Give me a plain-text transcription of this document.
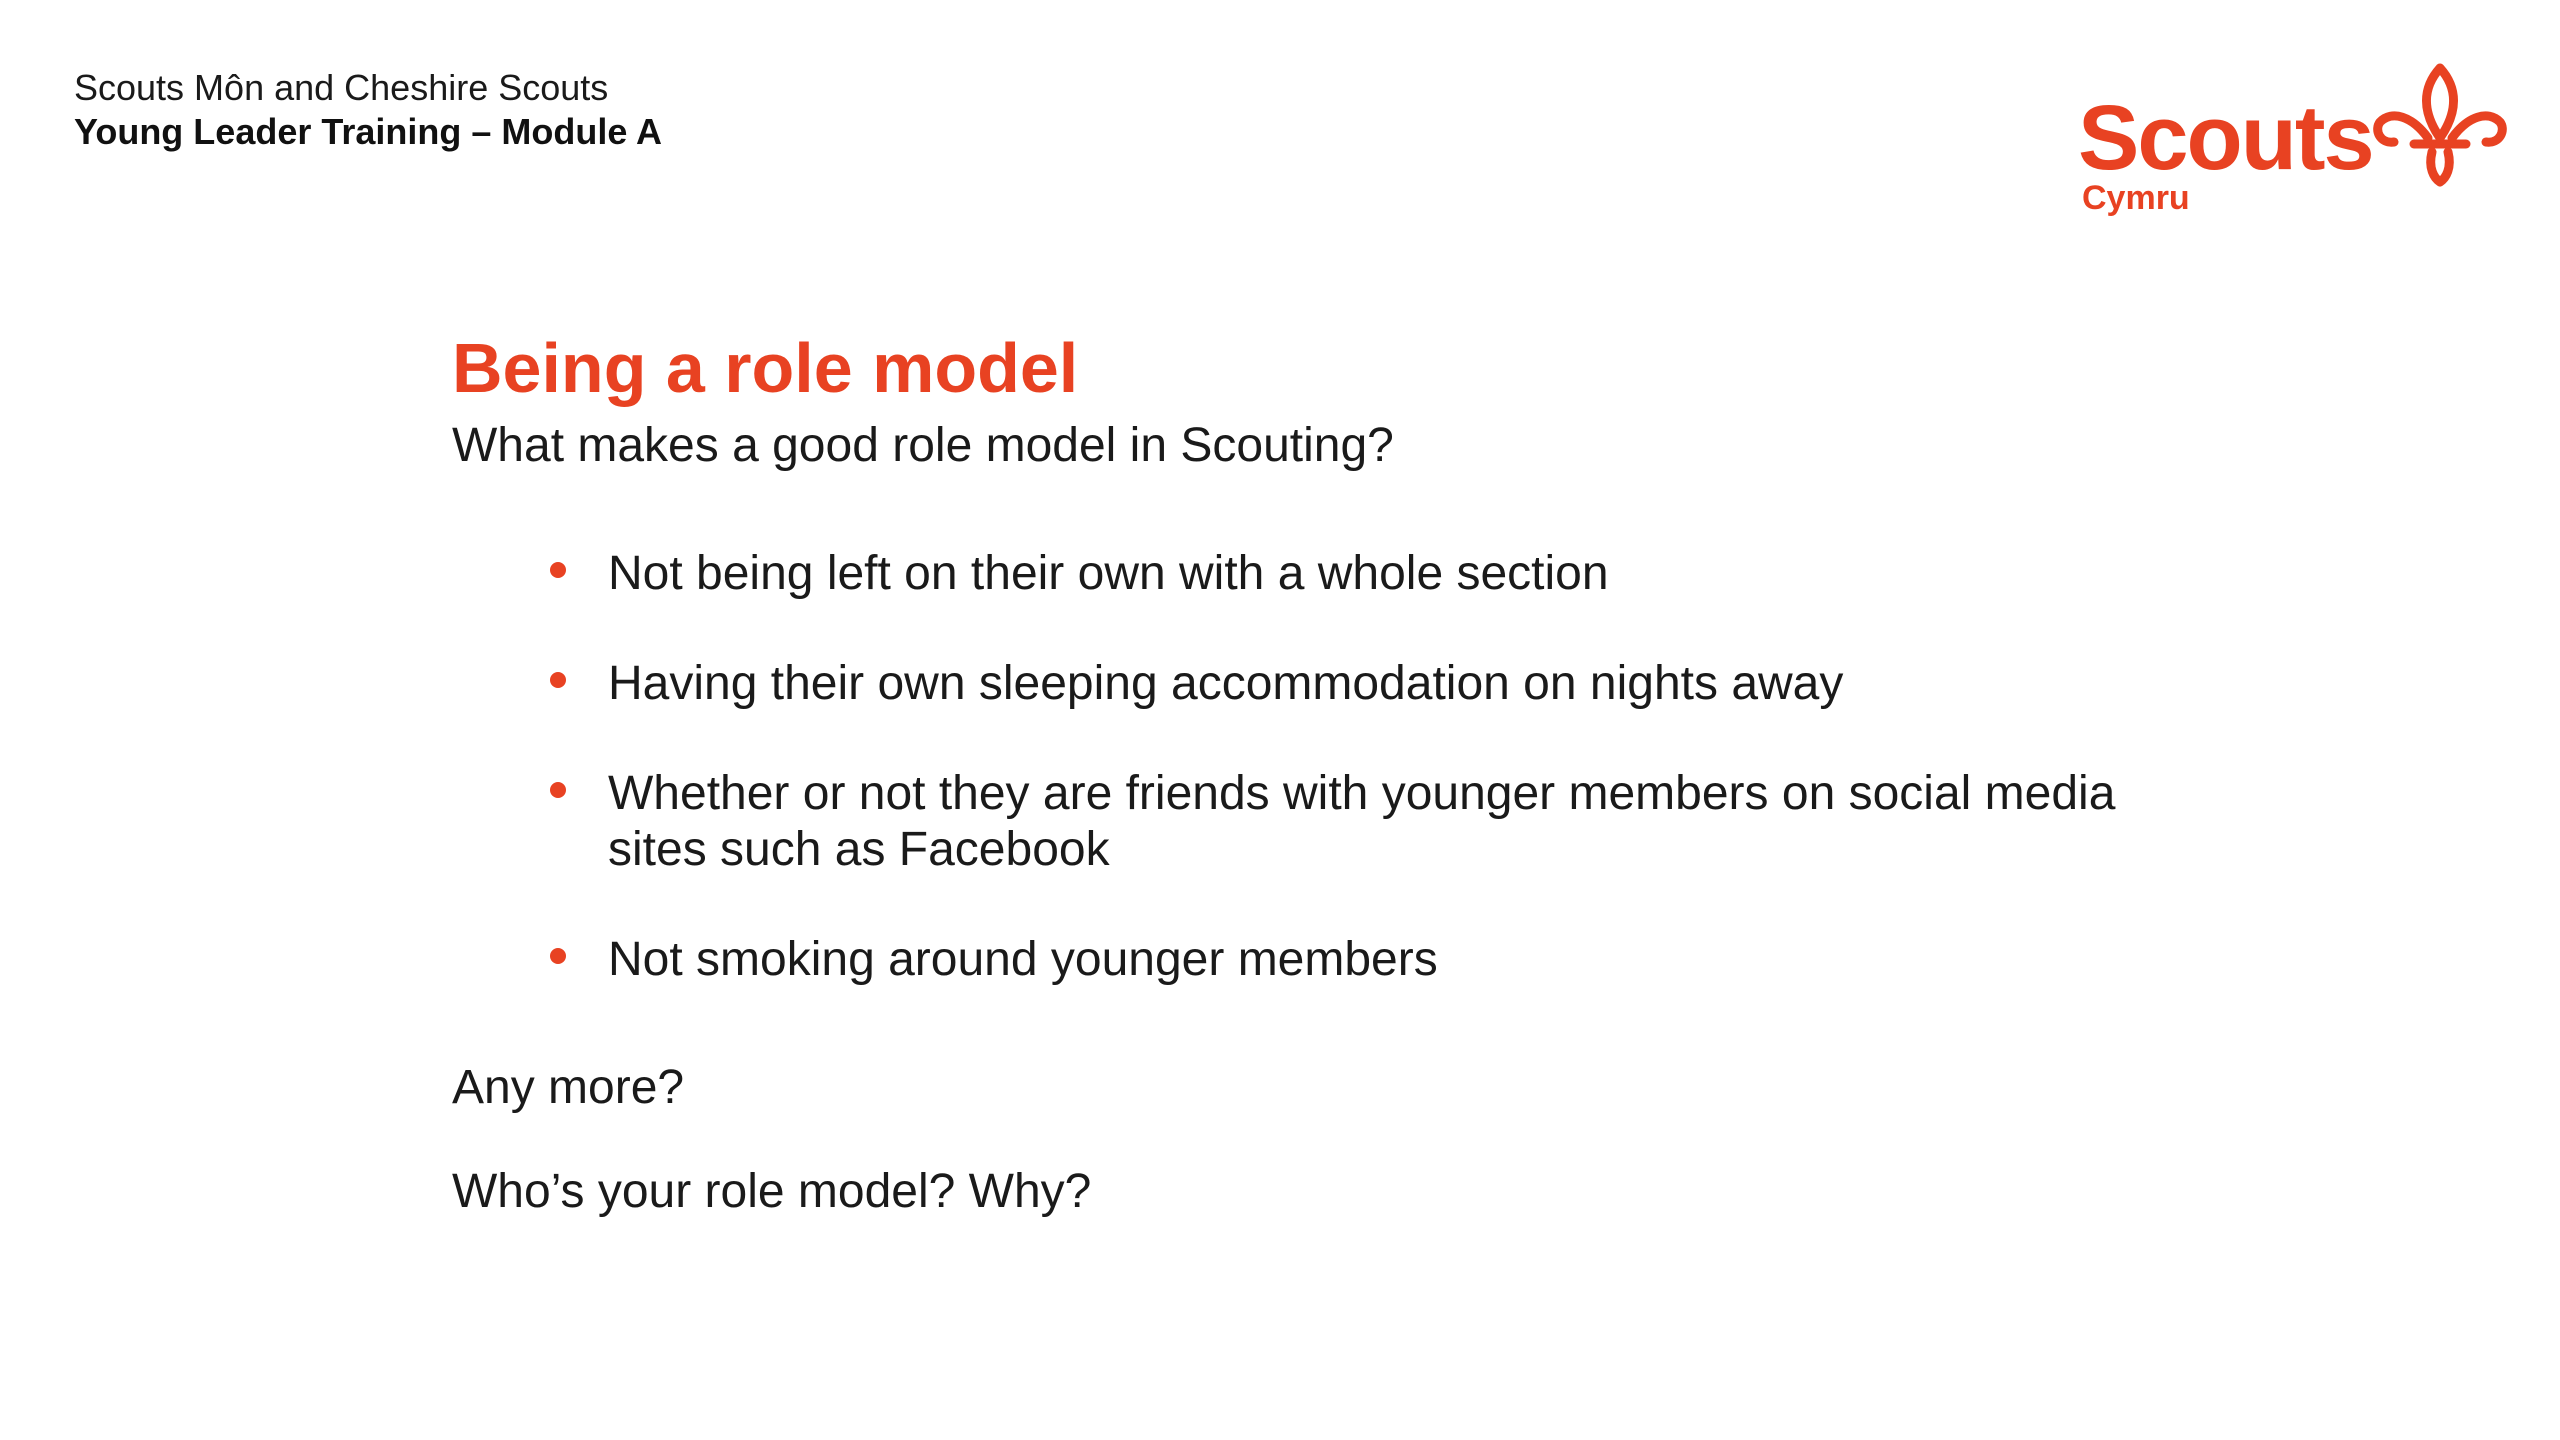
Scouts Môn and Cheshire Scouts
Young Leader Training – Module A	Scouts
Cymru
Being a role model
What makes a good role model in Scouting?
Not being left on their own with a whole section
Having their own sleeping accommodation on nights away
Whether or not they are friends with younger members on social media sites such as Facebook
Not smoking around younger members
Any more?
Who’s your role model? Why?
